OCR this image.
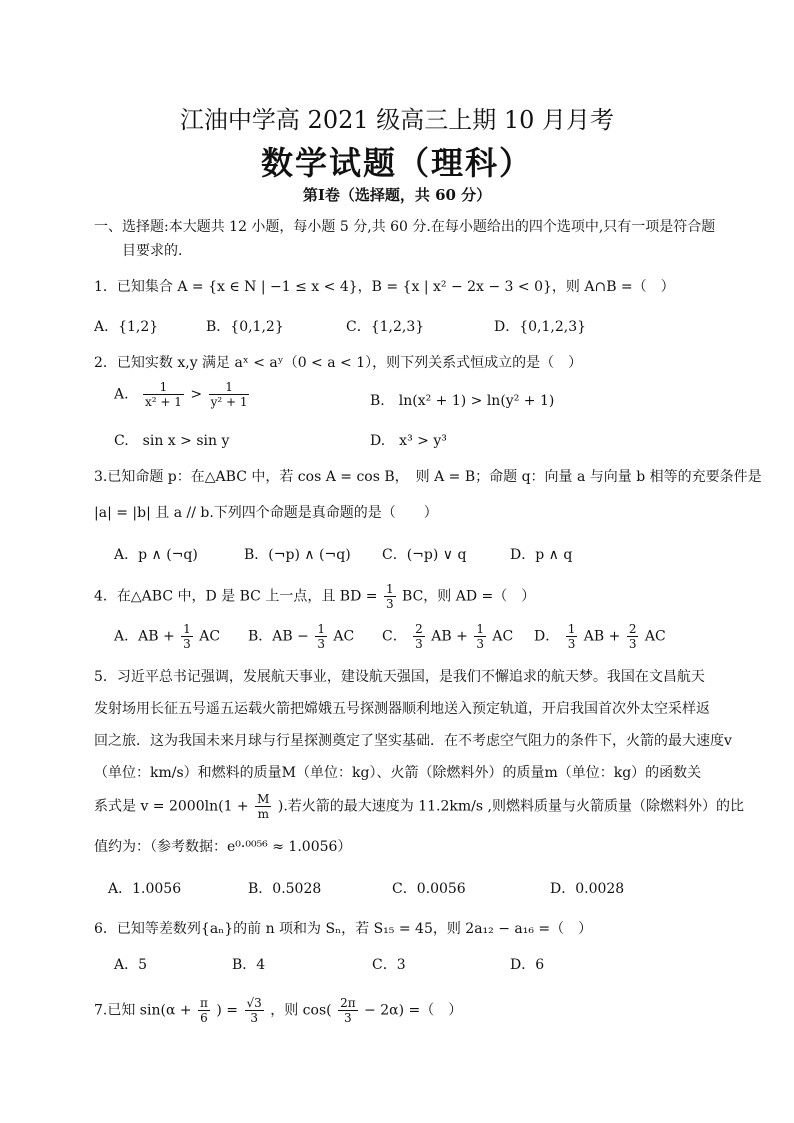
江油中学高 2021 级高三上期 10 月月考
数学试题（理科）
第Ⅰ卷（选择题，共 60 分）
一、选择题:本大题共 12 小题，每小题 5 分,共 60 分.在每小题给出的四个选项中,只有一项是符合题
目要求的.
1．已知集合 A = {x ∈ N | −1 ≤ x < 4}，B = {x | x² − 2x − 3 < 0}，则 A∩B =（　）
A．{1,2}	B．{0,1,2}	C．{1,2,3}	D．{0,1,2,3}
2．已知实数 x,y 满足 aˣ < aʸ（0 < a < 1），则下列关系式恒成立的是（　）
A. $\frac{1}{\text{x² + 1}} > \frac{1}{\text{y² + 1}}$	B.　ln(x² + 1) > ln(y² + 1)
C.　sin x > sin y	D.　x³ > y³
3.已知命题 p：在△ABC 中，若 cos A = cos B，　则 A = B；命题 q：向量 a 与向量 b 相等的充要条件是
|a| = |b| 且 a // b.下列四个命题是真命题的是（　　）
A．p ∧ (¬q)	B．(¬p) ∧ (¬q) C．(¬p) ∨ q	D．p ∧ q
4．在△ABC 中，D 是 BC 上一点，且 BD = $\frac{1}{3}$ BC，则 AD =（　）
A．AB + $\frac{1}{3}$ AC B．AB − $\frac{1}{3}$ AC C． $\frac{2}{3}$ AB + $\frac{1}{3}$ AC D． $\frac{1}{3}$ AB + $\frac{2}{3}$ AC
5．习近平总书记强调，发展航天事业，建设航天强国，是我们不懈追求的航天梦。我国在文昌航天
发射场用长征五号遥五运载火箭把嫦娥五号探测器顺利地送入预定轨道，开启我国首次外太空采样返
回之旅．这为我国未来月球与行星探测奠定了坚实基础．在不考虑空气阻力的条件下，火箭的最大速度v
（单位：km/s）和燃料的质量M（单位：kg）、火箭（除燃料外）的质量m（单位：kg）的函数关
系式是 $v = 2000\ln(1 + \frac{M}{m}$ ).若火箭的最大速度为 11.2km/s ,则燃料质量与火箭质量（除燃料外）的比
值约为：（参考数据：e⁰·⁰⁰⁵⁶ ≈ 1.0056）
A．1.0056	B．0.5028	C．0.0056	D．0.0028
6．已知等差数列{aₙ}的前 n 项和为 Sₙ，若 S₁₅ = 45，则 2a₁₂ − a₁₆ =（　）
A．5	B．4	C．3	D．6
7.已知 $\sin(\alpha + \frac{\pi}{6}$ ) = $\frac{√3}{3}$ ，则 $\cos( \frac{2\pi}{3} - 2\alpha)$ =（　）
